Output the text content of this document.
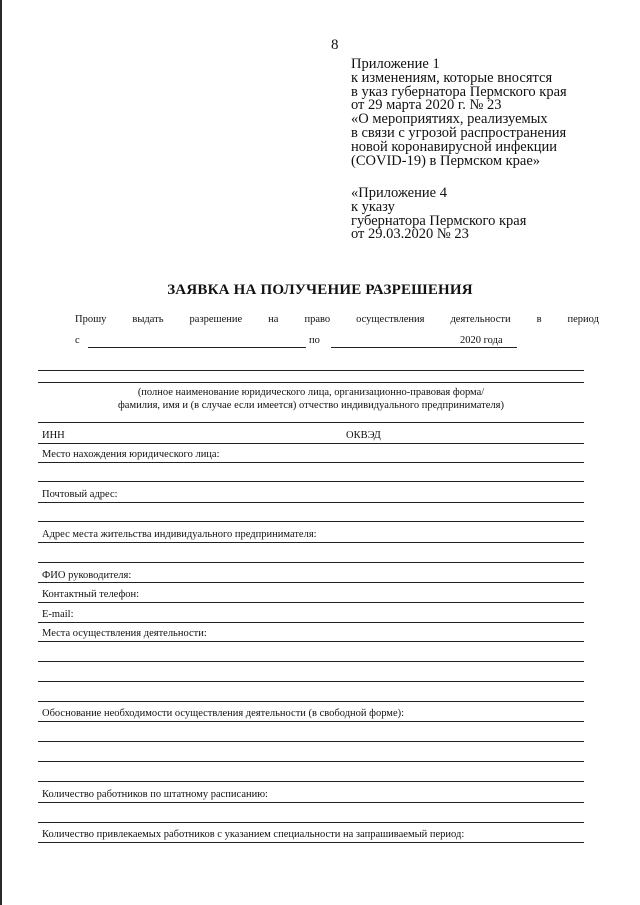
8
Приложение 1
к изменениям, которые вносятся
в указ губернатора Пермского края
от 29 марта 2020 г. № 23
«О мероприятиях, реализуемых
в связи с угрозой распространения
новой коронавирусной инфекции
(COVID-19) в Пермском крае»
«Приложение 4
к указу
губернатора Пермского края
от 29.03.2020 № 23
ЗАЯВКА НА ПОЛУЧЕНИЕ РАЗРЕШЕНИЯ
Прошу выдать разрешение на право осуществления деятельности в период
с	по	2020 года
(полное наименование юридического лица, организационно-правовая форма/
фамилия, имя и (в случае если имеется) отчество индивидуального предпринимателя)
ИНН	ОКВЭД
Место нахождения юридического лица:
Почтовый адрес:
Адрес места жительства индивидуального предпринимателя:
ФИО руководителя:
Контактный телефон:
E-mail:
Места осуществления деятельности:
Обоснование необходимости осуществления деятельности (в свободной форме):
Количество работников по штатному расписанию:
Количество привлекаемых работников с указанием специальности на запрашиваемый период:
